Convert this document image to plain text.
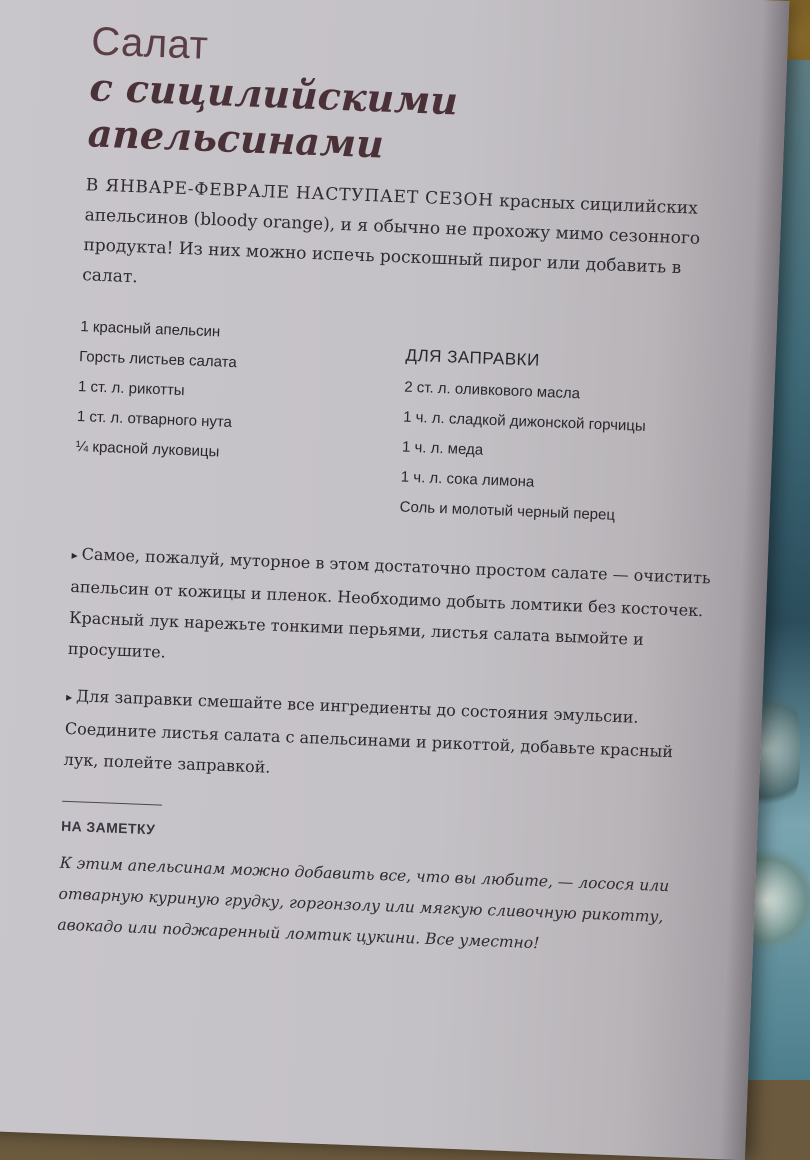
Салат
с сицилийскими апельсинами

В ЯНВАРЕ-ФЕВРАЛЕ НАСТУПАЕТ СЕЗОН красных сицилийских апельсинов (bloody orange), и я обычно не прохожу мимо сезонного продукта! Из них можно испечь роскошный пирог или добавить в салат.

1 красный апельсин

Горсть листьев салата

1 ст. л. рикотты

1 ст. л. отварного нута

¼ красной луковицы

ДЛЯ ЗАПРАВКИ

2 ст. л. оливкового масла

1 ч. л. сладкой дижонской горчицы

1 ч. л. меда

1 ч. л. сока лимона

Соль и молотый черный перец

▸ Самое, пожалуй, муторное в этом достаточно простом салате — очистить апельсин от кожицы и пленок. Необходимо добыть ломтики без косточек. Красный лук нарежьте тонкими перьями, листья салата вымойте и просушите.

▸ Для заправки смешайте все ингредиенты до состояния эмульсии. Соедините листья салата с апельсинами и рикоттой, добавьте красный лук, полейте заправкой.

НА ЗАМЕТКУ

К этим апельсинам можно добавить все, что вы любите, — лосося или отварную куриную грудку, горгонзолу или мягкую сливочную рикотту, авокадо или поджаренный ломтик цукини. Все уместно!
